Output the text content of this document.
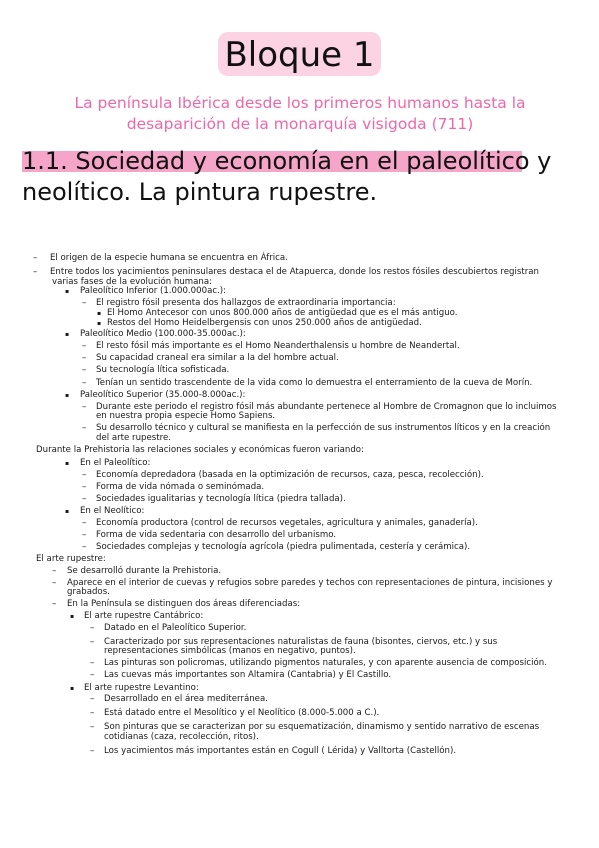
Bloque 1
La península Ibérica desde los primeros humanos hasta la desaparición de la monarquía visigoda (711)
1.1. Sociedad y economía en el paleolítico y neolítico. La pintura rupestre.
– El origen de la especie humana se encuentra en África.
– Entre todos los yacimientos peninsulares destaca el de Atapuerca, donde los restos fósiles descubiertos registran
varias fases de la evolución humana:
▪ Paleolítico Inferior (1.000.000ac.):
– El registro fósil presenta dos hallazgos de extraordinaria importancia:
▪ El Homo Antecesor con unos 800.000 años de antigüedad que es el más antiguo.
▪ Restos del Homo Heidelbergensis con unos 250.000 años de antigüedad.
▪ Paleolítico Medio (100.000-35.000ac.):
– El resto fósil más importante es el Homo Neanderthalensis u hombre de Neandertal.
– Su capacidad craneal era similar a la del hombre actual.
– Su tecnología lítica sofisticada.
– Tenían un sentido trascendente de la vida como lo demuestra el enterramiento de la cueva de Morín.
▪ Paleolítico Superior (35.000-8.000ac.):
– Durante este periodo el registro fósil más abundante pertenece al Hombre de Cromagnon que lo incluimos
en nuestra propia especie Homo Sapiens.
– Su desarrollo técnico y cultural se manifiesta en la perfección de sus instrumentos líticos y en la creación
del arte rupestre.
Durante la Prehistoria las relaciones sociales y económicas fueron variando:
▪ En el Paleolítico:
– Economía depredadora (basada en la optimización de recursos, caza, pesca, recolección).
– Forma de vida nómada o seminómada.
– Sociedades igualitarias y tecnología lítica (piedra tallada).
▪ En el Neolítico:
– Economía productora (control de recursos vegetales, agricultura y animales, ganadería).
– Forma de vida sedentaria con desarrollo del urbanismo.
– Sociedades complejas y tecnología agrícola (piedra pulimentada, cestería y cerámica).
El arte rupestre:
– Se desarrolló durante la Prehistoria.
– Aparece en el interior de cuevas y refugios sobre paredes y techos con representaciones de pintura, incisiones y
grabados.
– En la Península se distinguen dos áreas diferenciadas:
▪ El arte rupestre Cantábrico:
– Datado en el Paleolítico Superior.
– Caracterizado por sus representaciones naturalistas de fauna (bisontes, ciervos, etc.) y sus
representaciones simbólicas (manos en negativo, puntos).
– Las pinturas son policromas, utilizando pigmentos naturales, y con aparente ausencia de composición.
– Las cuevas más importantes son Altamira (Cantabria) y El Castillo.
▪ El arte rupestre Levantino:
– Desarrollado en el área mediterránea.
– Está datado entre el Mesolítico y el Neolítico (8.000-5.000 a C.).
– Son pinturas que se caracterizan por su esquematización, dinamismo y sentido narrativo de escenas
cotidianas (caza, recolección, ritos).
– Los yacimientos más importantes están en Cogull ( Lérida) y Valltorta (Castellón).
